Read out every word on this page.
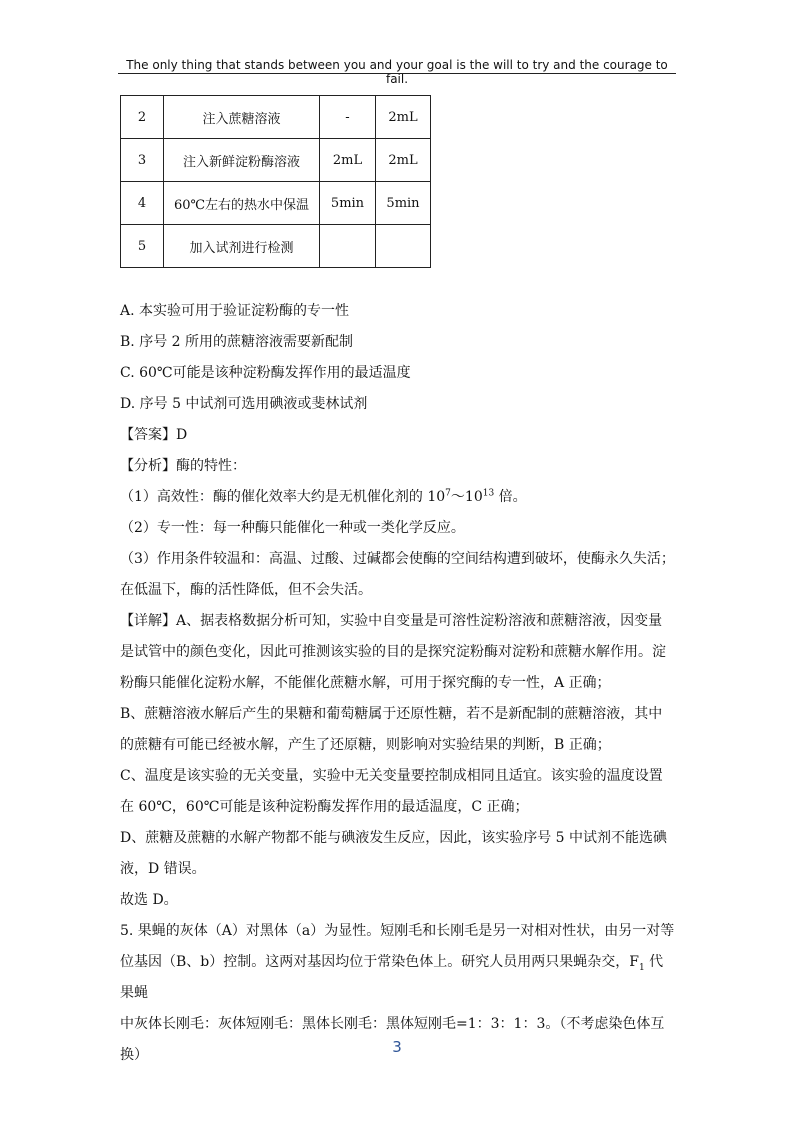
The only thing that stands between you and your goal is the will to try and the courage to fail.
2	注入蔗糖溶液	-	2mL
3	注入新鲜淀粉酶溶液	2mL	2mL
4	60℃左右的热水中保温	5min	5min
5	加入试剂进行检测		

A. 本实验可用于验证淀粉酶的专一性

B. 序号 2 所用的蔗糖溶液需要新配制

C. 60℃可能是该种淀粉酶发挥作用的最适温度

D. 序号 5 中试剂可选用碘液或斐林试剂

【答案】D

【分析】酶的特性：

（1）高效性：酶的催化效率大约是无机催化剂的 $10^7\sim 10^{13}$ 倍。

（2）专一性：每一种酶只能催化一种或一类化学反应。

（3）作用条件较温和：高温、过酸、过碱都会使酶的空间结构遭到破坏，使酶永久失活；

在低温下，酶的活性降低，但不会失活。

【详解】A、据表格数据分析可知，实验中自变量是可溶性淀粉溶液和蔗糖溶液，因变量

是试管中的颜色变化，因此可推测该实验的目的是探究淀粉酶对淀粉和蔗糖水解作用。淀

粉酶只能催化淀粉水解，不能催化蔗糖水解，可用于探究酶的专一性，A 正确；

B、蔗糖溶液水解后产生的果糖和葡萄糖属于还原性糖，若不是新配制的蔗糖溶液，其中

的蔗糖有可能已经被水解，产生了还原糖，则影响对实验结果的判断，B 正确；

C、温度是该实验的无关变量，实验中无关变量要控制成相同且适宜。该实验的温度设置

在 60℃，60℃可能是该种淀粉酶发挥作用的最适温度，C 正确；

D、蔗糖及蔗糖的水解产物都不能与碘液发生反应，因此，该实验序号 5 中试剂不能选碘

液，D 错误。

故选 D。

5. 果蝇的灰体（A）对黑体（a）为显性。短刚毛和长刚毛是另一对相对性状，由另一对等

位基因（B、b）控制。这两对基因均位于常染色体上。研究人员用两只果蝇杂交，$F_1$ 代果蝇

中灰体长刚毛：灰体短刚毛：黑体长刚毛：黑体短刚毛=1：3：1：3。（不考虑染色体互换）	3
